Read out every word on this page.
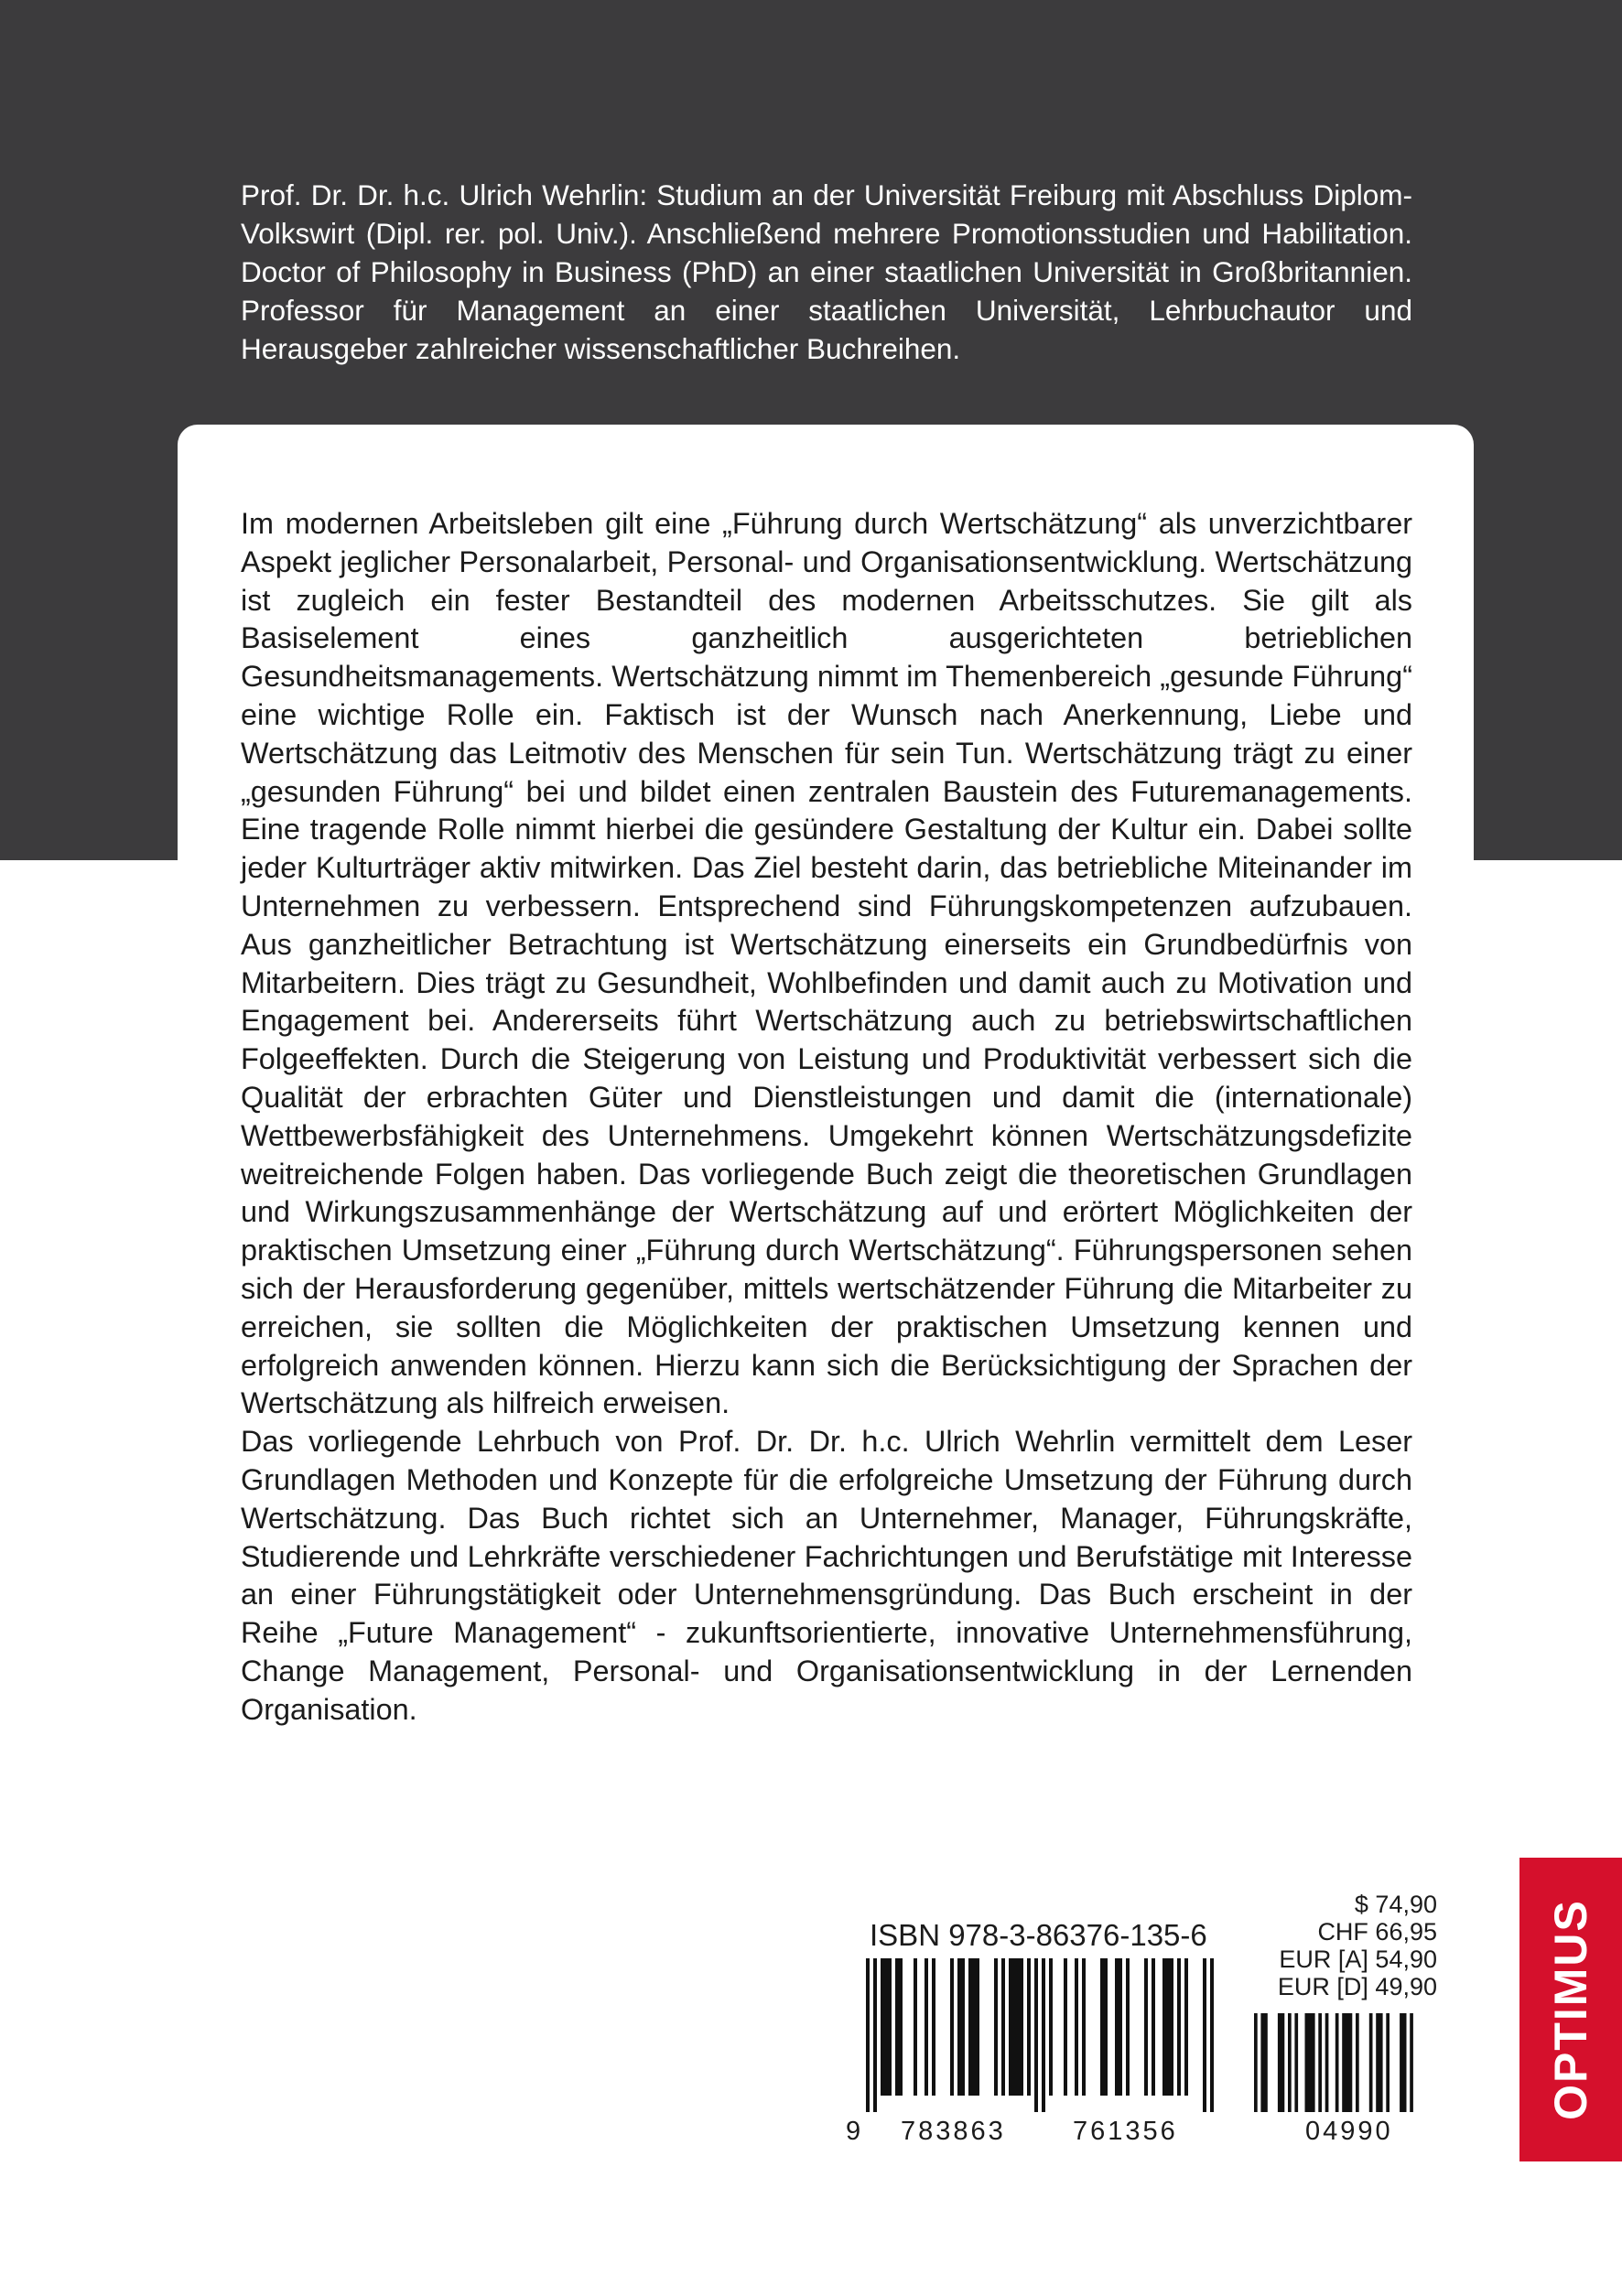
Prof. Dr. Dr. h.c. Ulrich Wehrlin: Studium an der Universität Freiburg mit Abschluss Diplom-Volkswirt (Dipl. rer. pol. Univ.). Anschließend mehrere Promotionsstudien und Habilitation. Doctor of Philosophy in Business (PhD) an einer staatlichen Universität in Großbritannien. Professor für Management an einer staatlichen Universität, Lehrbuchautor und Herausgeber zahlreicher wissenschaftlicher Buchreihen.

Im modernen Arbeitsleben gilt eine „Führung durch Wertschätzung“ als unverzichtbarer Aspekt jeglicher Personalarbeit, Personal- und Organisationsentwicklung. Wertschätzung ist zugleich ein fester Bestandteil des modernen Arbeitsschutzes. Sie gilt als Basiselement eines ganzheitlich ausgerichteten betrieblichen Gesundheitsmanagements. Wertschätzung nimmt im Themenbereich „gesunde Führung“ eine wichtige Rolle ein. Faktisch ist der Wunsch nach Anerkennung, Liebe und Wertschätzung das Leitmotiv des Menschen für sein Tun. Wertschätzung trägt zu einer „gesunden Führung“ bei und bildet einen zentralen Baustein des Futuremanagements. Eine tragende Rolle nimmt hierbei die gesündere Gestaltung der Kultur ein. Dabei sollte jeder Kulturträger aktiv mitwirken. Das Ziel besteht darin, das betriebliche Miteinander im Unternehmen zu verbessern. Entsprechend sind Führungskompetenzen aufzubauen. Aus ganzheitlicher Betrachtung ist Wertschätzung einerseits ein Grundbedürfnis von Mitarbeitern. Dies trägt zu Gesundheit, Wohlbefinden und damit auch zu Motivation und Engagement bei. Andererseits führt Wertschätzung auch zu betriebswirtschaftlichen Folgeeffekten. Durch die Steigerung von Leistung und Produktivität verbessert sich die Qualität der erbrachten Güter und Dienstleistungen und damit die (internationale) Wettbewerbsfähigkeit des Unternehmens. Umgekehrt können Wertschätzungsdefizite weitreichende Folgen haben. Das vorliegende Buch zeigt die theoretischen Grundlagen und Wirkungszusammenhänge der Wertschätzung auf und erörtert Möglichkeiten der praktischen Umsetzung einer „Führung durch Wertschätzung“. Führungspersonen sehen sich der Herausforderung gegenüber, mittels wertschätzender Führung die Mitarbeiter zu erreichen, sie sollten die Möglichkeiten der praktischen Umsetzung kennen und erfolgreich anwenden können. Hierzu kann sich die Berücksichtigung der Sprachen der Wertschätzung als hilfreich erweisen.

Das vorliegende Lehrbuch von Prof. Dr. Dr. h.c. Ulrich Wehrlin vermittelt dem Leser Grundlagen Methoden und Konzepte für die erfolgreiche Umsetzung der Führung durch Wertschätzung. Das Buch richtet sich an Unternehmer, Manager, Führungskräfte, Studierende und Lehrkräfte verschiedener Fachrichtungen und Berufstätige mit Interesse an einer Führungstätigkeit oder Unternehmensgründung. Das Buch erscheint in der Reihe „Future Management“ - zukunftsorientierte, innovative Unternehmensführung, Change Management, Personal- und Organisationsentwicklung in der Lernenden Organisation.

$ 74,90
CHF 66,95
EUR [A] 54,90
EUR [D] 49,90
ISBN 978-3-86376-135-6
9 783863	761356	04990
OPTIMUS
